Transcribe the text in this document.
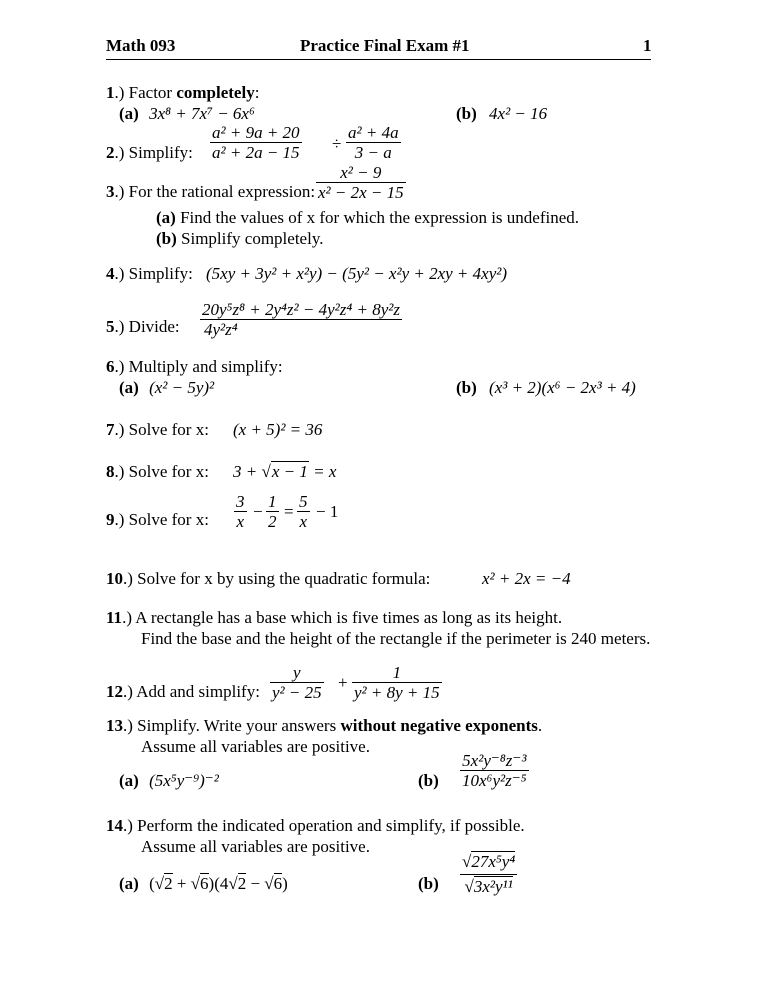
Math 093	Practice Final Exam #1	1
1.) Factor completely:
(a) 3x⁸ + 7x⁷ − 6x⁶	(b) 4x² − 16
2.) Simplify:
a² + 9a + 20
a² + 2a − 15 ÷
a² + 4a
3 − a
3.) For the rational expression:
x² − 9
x² − 2x − 15
(a) Find the values of x for which the expression is undefined.
(b) Simplify completely.
4.) Simplify: (5xy + 3y² + x²y) − (5y² − x²y + 2xy + 4xy²)
5.) Divide:
20y⁵z⁸ + 2y⁴z² − 4y²z⁴ + 8y²z
4y²z⁴
6.) Multiply and simplify:
(a) (x² − 5y)²	(b) (x³ + 2)(x⁶ − 2x³ + 4)
7.) Solve for x: (x + 5)² = 36
8.) Solve for x: 3 + √x − 1 = x
9.) Solve for x:
3
x
−
1
2
=
5
x
− 1
10.) Solve for x by using the quadratic formula:	x² + 2x = −4
11.) A rectangle has a base which is five times as long as its height.
Find the base and the height of the rectangle if the perimeter is 240 meters.
12.) Add and simplify:
y
y² − 25
+
1
y² + 8y + 15
13.) Simplify. Write your answers without negative exponents.
Assume all variables are positive.
(a) (5x⁵y⁻⁹)⁻²	(b)
5x²y⁻⁸z⁻³
10x⁶y²z⁻⁵
14.) Perform the indicated operation and simplify, if possible.
Assume all variables are positive.
(a) (√2 + √6)(4√2 − √6)	(b)
√27x⁵y⁴
√3x²y¹¹
